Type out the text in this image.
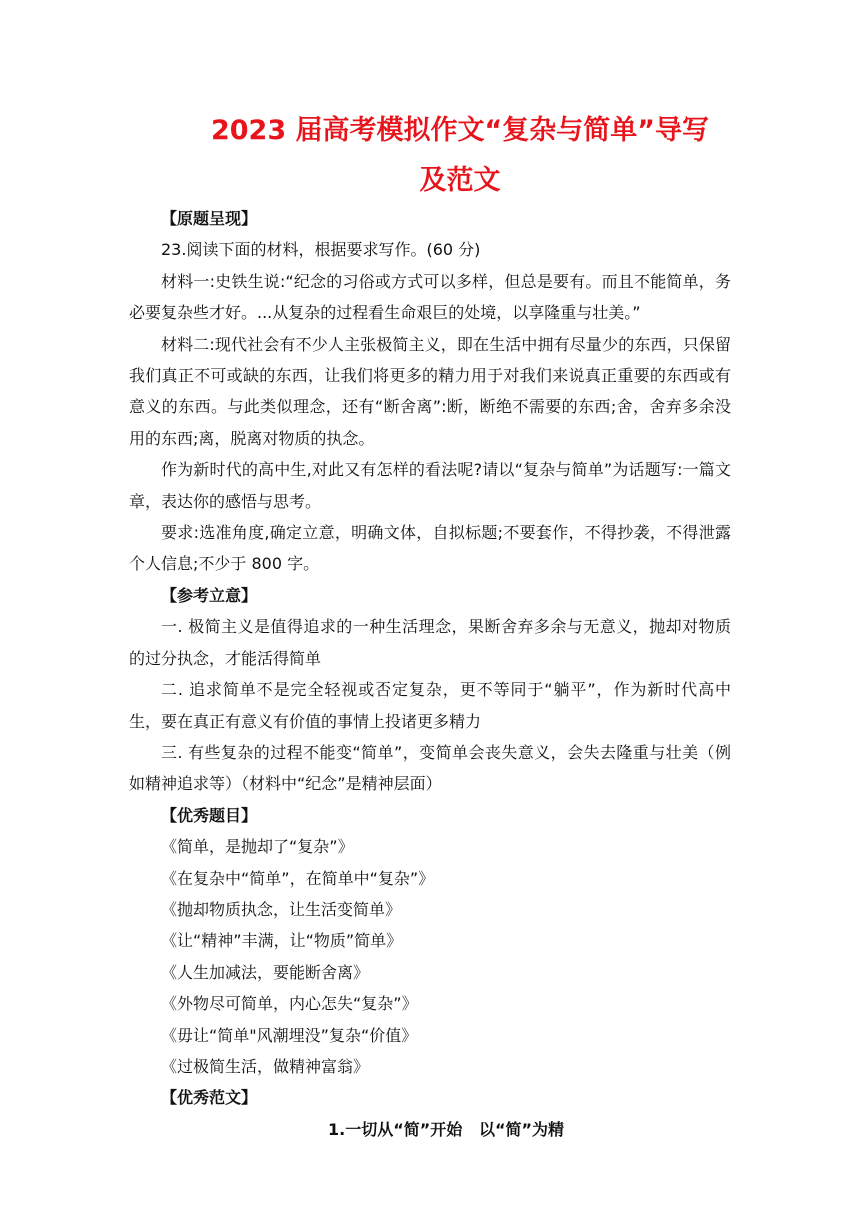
2023 届高考模拟作文“复杂与简单”导写
及范文

【原题呈现】

23.阅读下面的材料，根据要求写作。(60 分)

材料一:史铁生说:“纪念的习俗或方式可以多样，但总是要有。而且不能简单，务必要复杂些才好。...从复杂的过程看生命艰巨的处境，以享隆重与壮美。”

材料二:现代社会有不少人主张极简主义，即在生活中拥有尽量少的东西，只保留我们真正不可或缺的东西，让我们将更多的精力用于对我们来说真正重要的东西或有意义的东西。与此类似理念，还有“断舍离”:断，断绝不需要的东西;舍，舍弃多余没用的东西;离，脱离对物质的执念。

作为新时代的高中生,对此又有怎样的看法呢?请以“复杂与简单”为话题写:一篇文章，表达你的感悟与思考。

要求:选准角度,确定立意，明确文体，自拟标题;不要套作，不得抄袭，不得泄露个人信息;不少于 800 字。

【参考立意】

一. 极简主义是值得追求的一种生活理念，果断舍弃多余与无意义，抛却对物质的过分执念，才能活得简单

二. 追求简单不是完全轻视或否定复杂，更不等同于“躺平”，作为新时代高中生，要在真正有意义有价值的事情上投诸更多精力

三. 有些复杂的过程不能变“简单”，变简单会丧失意义，会失去隆重与壮美（例如精神追求等）（材料中“纪念”是精神层面）

【优秀题目】

《简单，是抛却了“复杂”》

《在复杂中“简单”，在简单中“复杂”》

《抛却物质执念，让生活变简单》

《让“精神”丰满，让“物质”简单》

《人生加减法，要能断舍离》

《外物尽可简单，内心怎失“复杂”》

《毋让“简单"风潮埋没”复杂“价值》

《过极简生活，做精神富翁》

【优秀范文】

1.一切从“简”开始   以“简”为精
